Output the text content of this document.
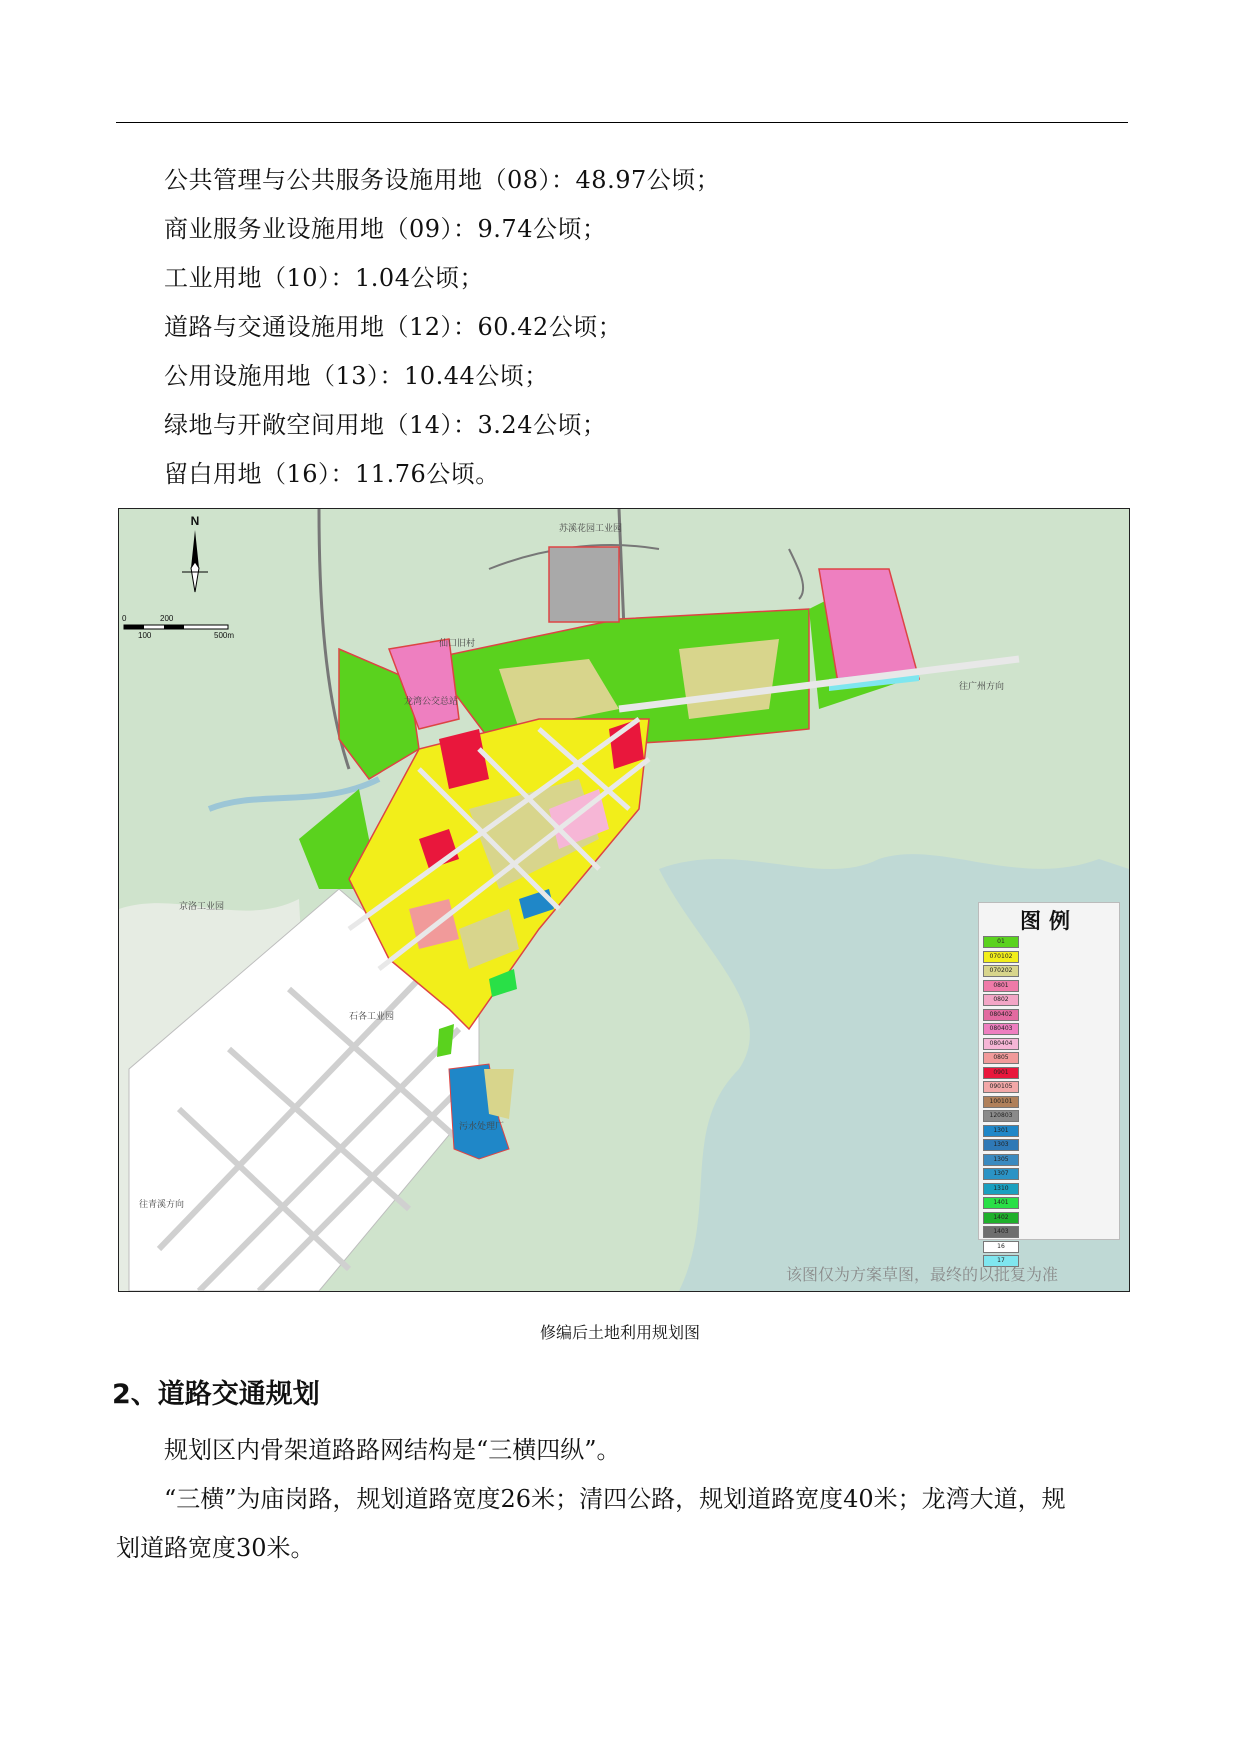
公共管理与公共服务设施用地（08）：48.97公顷；
商业服务业设施用地（09）：9.74公顷；
工业用地（10）：1.04公顷；
道路与交通设施用地（12）：60.42公顷；
公用设施用地（13）：10.44公顷；
绿地与开敞空间用地（14）：3.24公顷；
留白用地（16）：11.76公顷。
苏溪花园工业园
仙口旧村
龙湾公交总站
往广州方向
京洛工业园
石各工业园
往青溪方向
污水处理厂
N
0	200
100	500m
图例
01
070102
070202
0801
0802
080402
080403
080404
0805
0901
090105
100101
120803
1301
1303
1305
1307
1310
1401
1402
1403
16
17
该图仅为方案草图，最终的以批复为准
修编后土地利用规划图
2、道路交通规划
规划区内骨架道路路网结构是“三横四纵”。
“三横”为庙岗路，规划道路宽度26米；清四公路，规划道路宽度40米；龙湾大道，规
划道路宽度30米。
